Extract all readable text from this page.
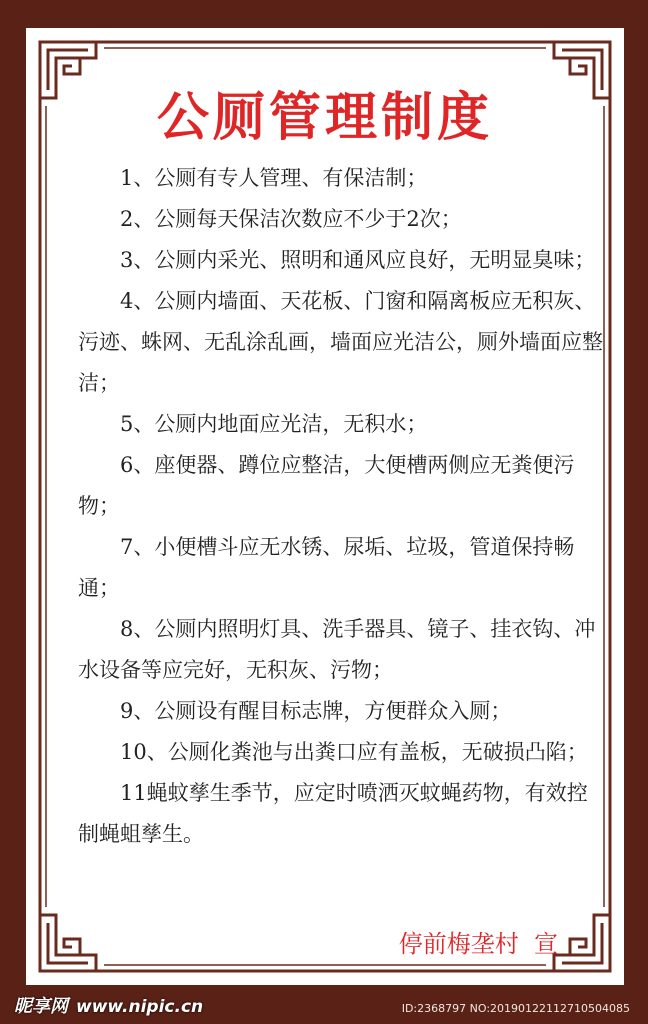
公厕管理制度

1、公厕有专人管理、有保洁制；

2、公厕每天保洁次数应不少于2次；

3、公厕内采光、照明和通风应良好，无明显臭味；

4、公厕内墙面、天花板、门窗和隔离板应无积灰、污迹、蛛网、无乱涂乱画，墙面应光洁公，厕外墙面应整洁；

5、公厕内地面应光洁，无积水；

6、座便器、蹲位应整洁，大便槽两侧应无粪便污物；

7、小便槽斗应无水锈、尿垢、垃圾，管道保持畅通；

8、公厕内照明灯具、洗手器具、镜子、挂衣钩、冲水设备等应完好，无积灰、污物；

9、公厕设有醒目标志牌，方便群众入厕；

10、公厕化粪池与出粪口应有盖板，无破损凸陷；

11蝇蚊孳生季节，应定时喷洒灭蚊蝇药物，有效控制蝇蛆孳生。

停前梅垄村  宣
昵享网 www.nipic.cn	ID:2368797 NO:20190122112710504085
